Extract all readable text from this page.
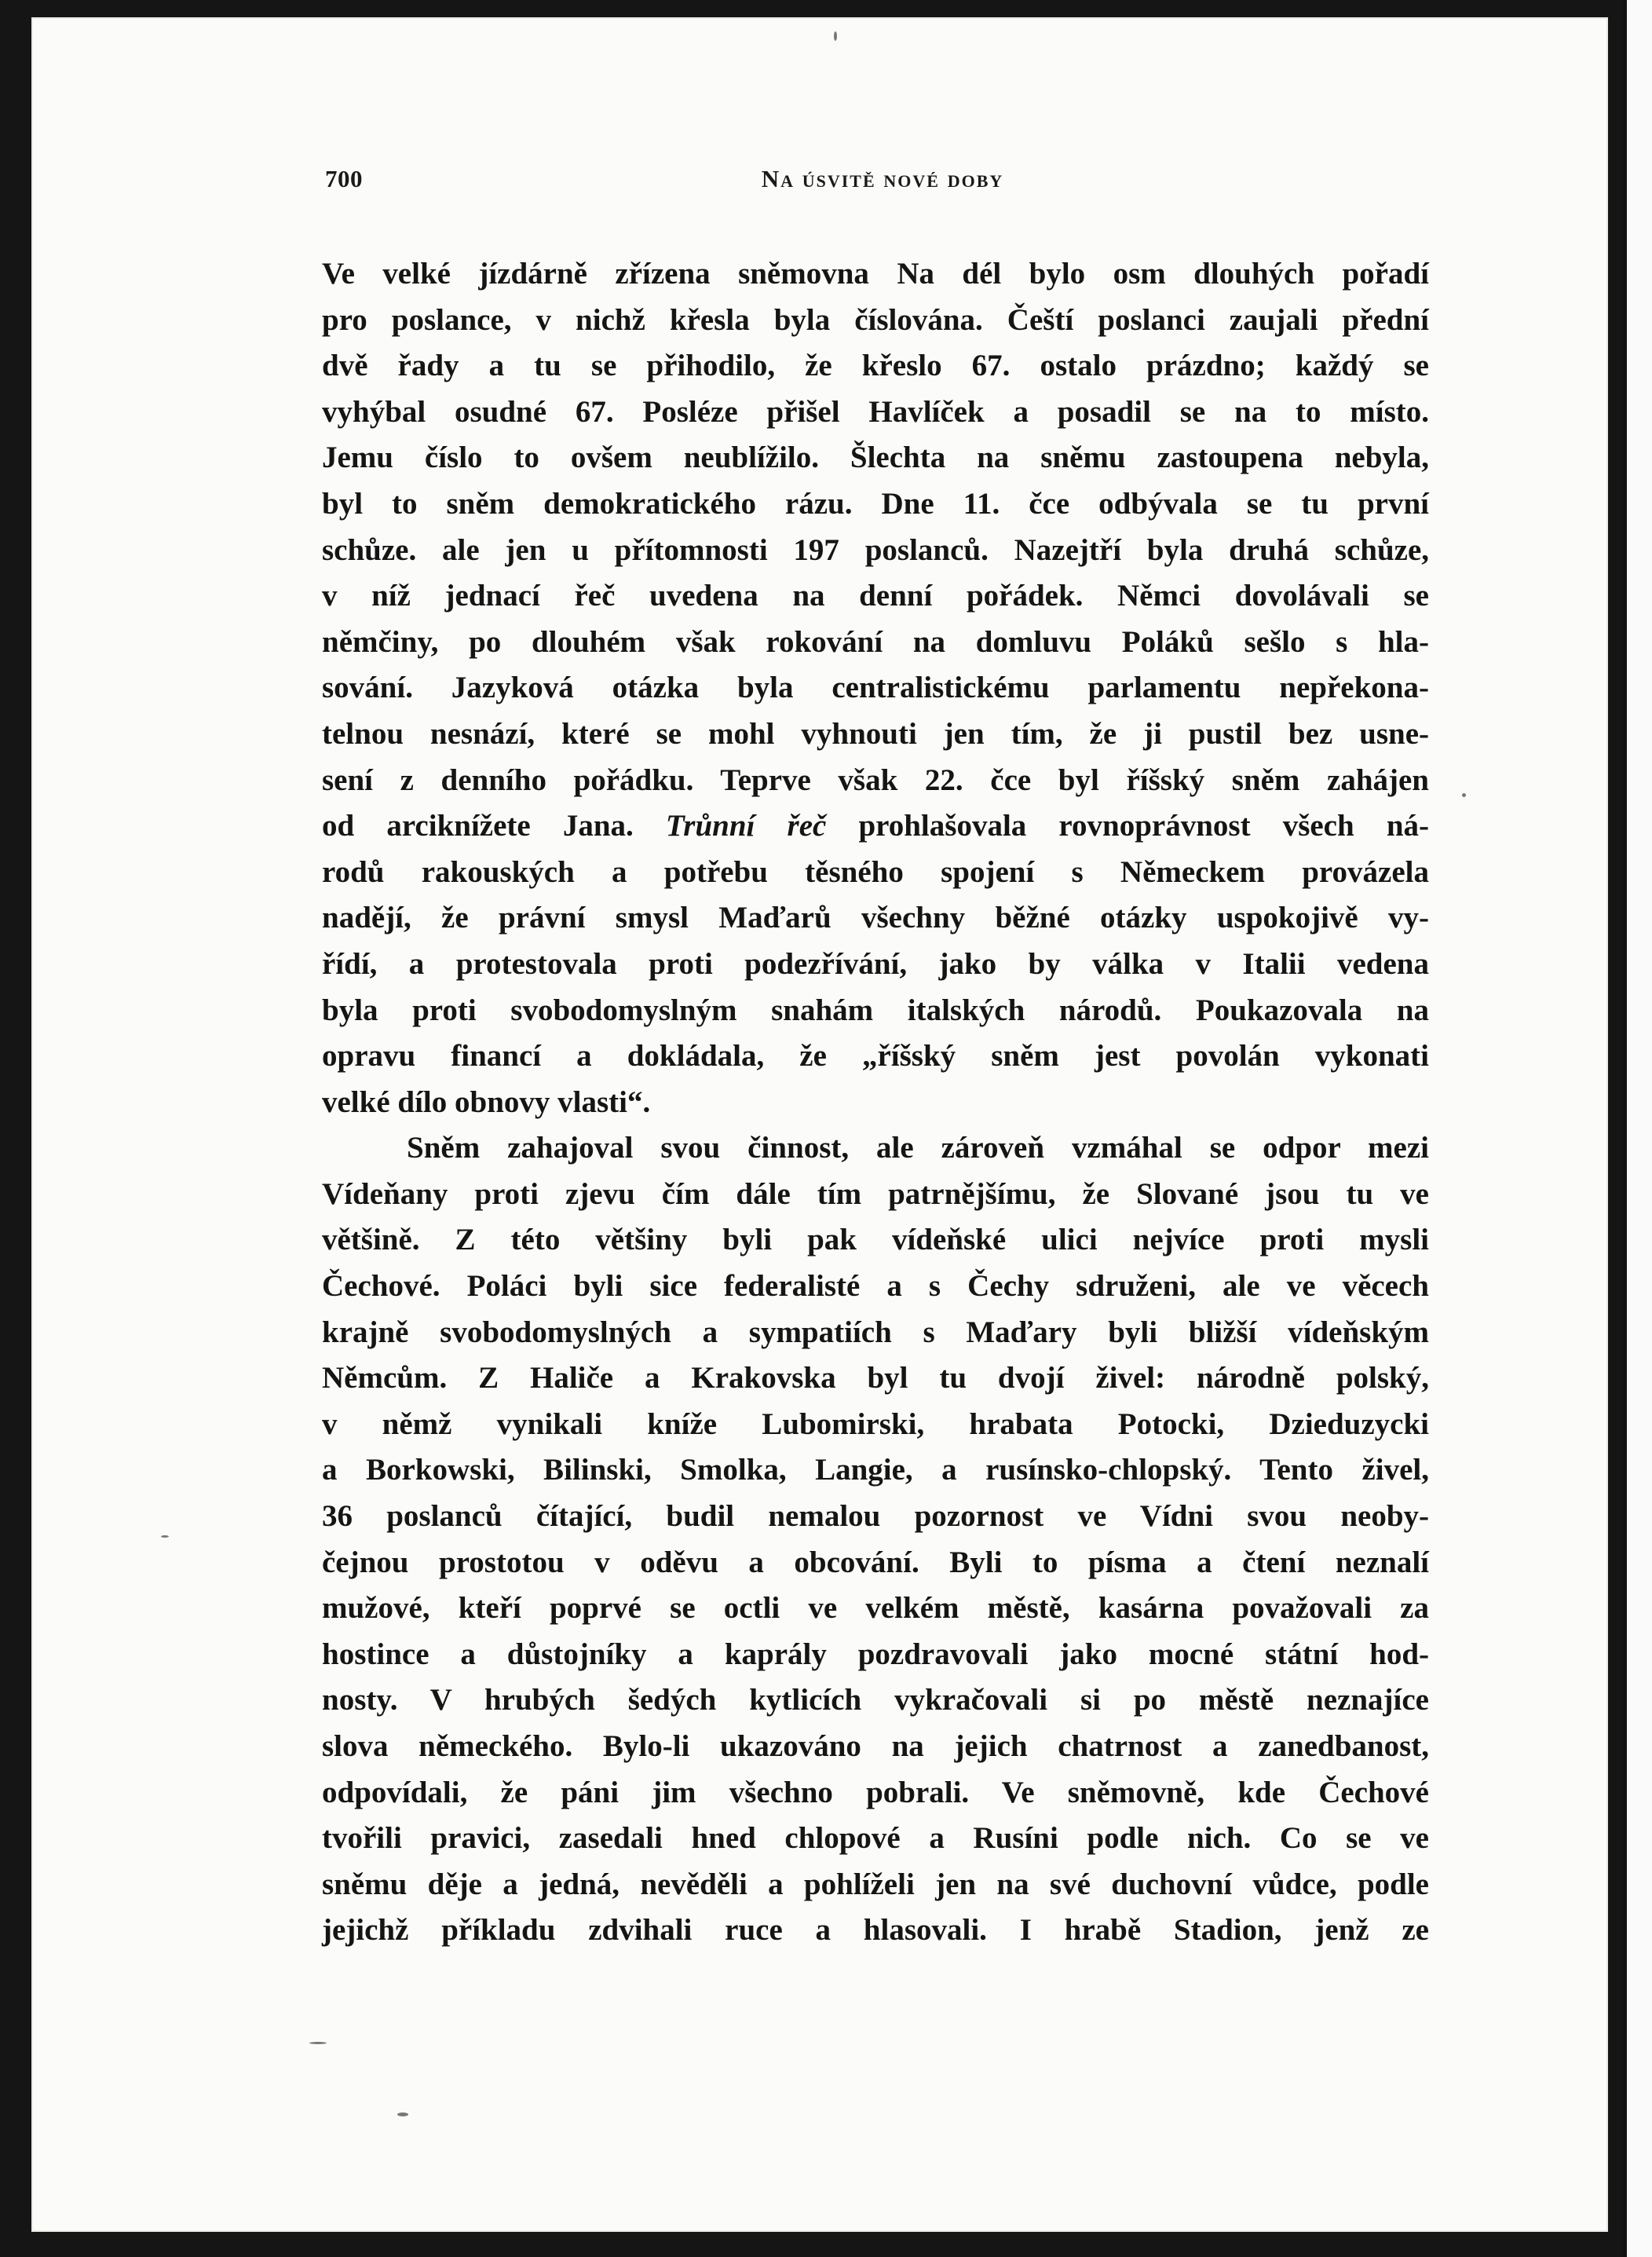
700	Na úsvitě nové doby
Ve velké jízdárně zřízena sněmovna Na dél bylo osm dlouhých pořadí
pro poslance, v nichž křesla byla číslována. Čeští poslanci zaujali přední
dvě řady a tu se přihodilo, že křeslo 67. ostalo prázdno; každý se
vyhýbal osudné 67. Posléze přišel Havlíček a posadil se na to místo.
Jemu číslo to ovšem neublížilo. Šlechta na sněmu zastoupena nebyla,
byl to sněm demokratického rázu. Dne 11. čce odbývala se tu první
schůze. ale jen u přítomnosti 197 poslanců. Nazejtří byla druhá schůze,
v níž jednací řeč uvedena na denní pořádek. Němci dovolávali se
němčiny, po dlouhém však rokování na domluvu Poláků sešlo s hla-
sování. Jazyková otázka byla centralistickému parlamentu nepřekona-
telnou nesnází, které se mohl vyhnouti jen tím, že ji pustil bez usne-
sení z denního pořádku. Teprve však 22. čce byl říšský sněm zahájen
od arciknížete Jana. Trůnní řeč prohlašovala rovnoprávnost všech ná-
rodů rakouských a potřebu těsného spojení s Německem provázela
nadějí, že právní smysl Maďarů všechny běžné otázky uspokojivě vy-
řídí, a protestovala proti podezřívání, jako by válka v Italii vedena
byla proti svobodomyslným snahám italských národů. Poukazovala na
opravu financí a dokládala, že „říšský sněm jest povolán vykonati
velké dílo obnovy vlasti“.
Sněm zahajoval svou činnost, ale zároveň vzmáhal se odpor mezi
Vídeňany proti zjevu čím dále tím patrnějšímu, že Slované jsou tu ve
většině. Z této většiny byli pak vídeňské ulici nejvíce proti mysli
Čechové. Poláci byli sice federalisté a s Čechy sdruženi, ale ve věcech
krajně svobodomyslných a sympatiích s Maďary byli bližší vídeňským
Němcům. Z Haliče a Krakovska byl tu dvojí živel: národně polský,
v němž vynikali kníže Lubomirski, hrabata Potocki, Dzieduzycki
a Borkowski, Bilinski, Smolka, Langie, a rusínsko-chlopský. Tento živel,
36 poslanců čítající, budil nemalou pozornost ve Vídni svou neoby-
čejnou prostotou v oděvu a obcování. Byli to písma a čtení neznalí
mužové, kteří poprvé se octli ve velkém městě, kasárna považovali za
hostince a důstojníky a kaprály pozdravovali jako mocné státní hod-
nosty. V hrubých šedých kytlicích vykračovali si po městě neznajíce
slova německého. Bylo-li ukazováno na jejich chatrnost a zanedbanost,
odpovídali, že páni jim všechno pobrali. Ve sněmovně, kde Čechové
tvořili pravici, zasedali hned chlopové a Rusíni podle nich. Co se ve
sněmu děje a jedná, nevěděli a pohlíželi jen na své duchovní vůdce, podle
jejichž příkladu zdvihali ruce a hlasovali. I hrabě Stadion, jenž ze
